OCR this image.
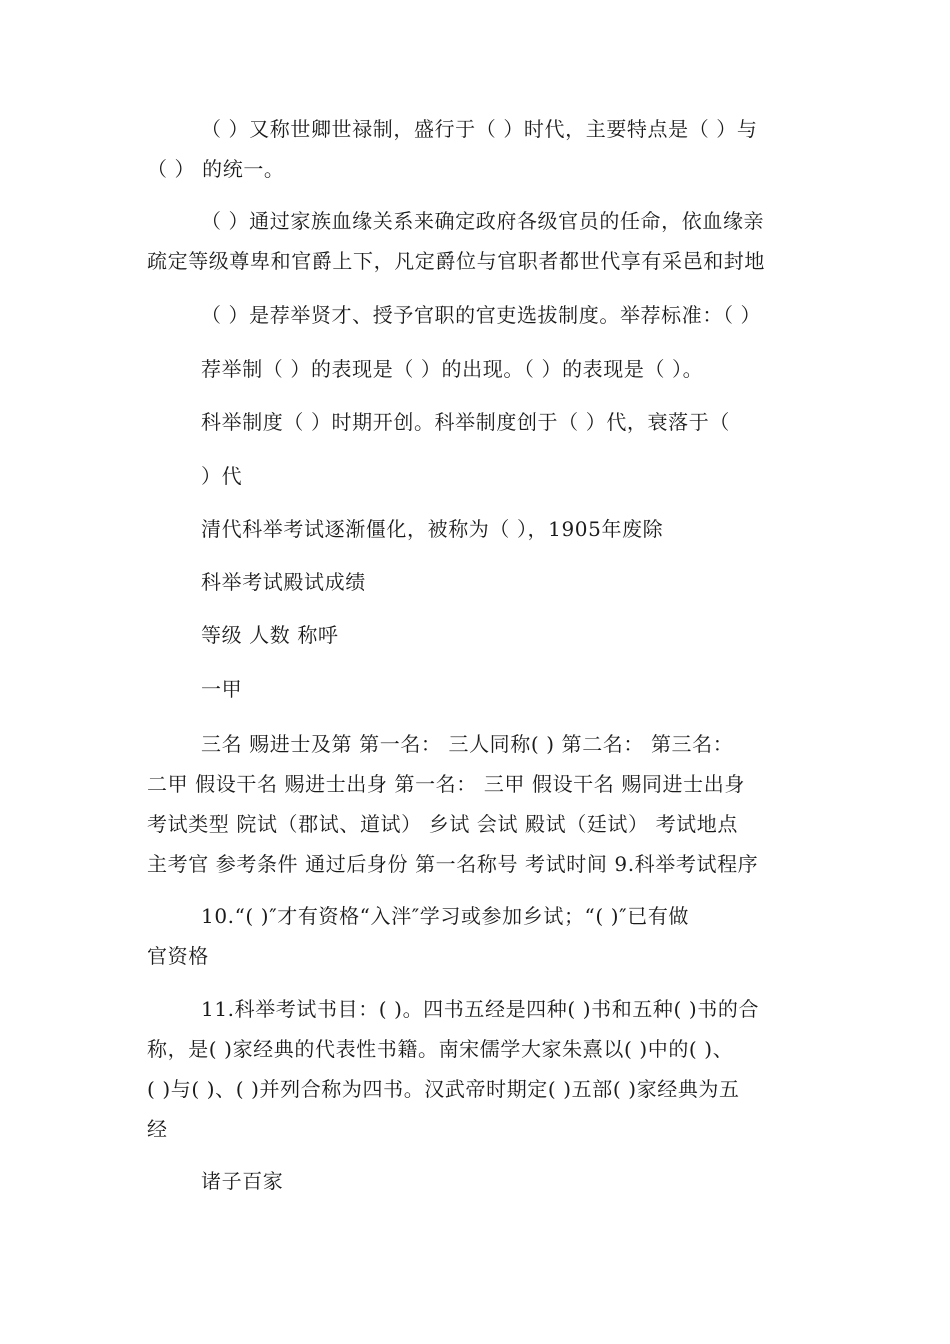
（ ）又称世卿世禄制，盛行于（ ）时代，主要特点是（ ）与

（ ） 的统一。

（ ）通过家族血缘关系来确定政府各级官员的任命，依血缘亲

疏定等级尊卑和官爵上下，凡定爵位与官职者都世代享有采邑和封地

（ ）是荐举贤才、授予官职的官吏选拔制度。举荐标准：（ ）

荐举制（ ）的表现是（ ）的出现。（ ）的表现是（ ）。

科举制度（ ）时期开创。科举制度创于（ ）代，衰落于（

）代

清代科举考试逐渐僵化，被称为（ ），1905年废除

科举考试殿试成绩

等级 人数 称呼

一甲

三名 赐进士及第 第一名： 三人同称( ) 第二名： 第三名：

二甲 假设干名 赐进士出身 第一名： 三甲 假设干名 赐同进士出身

考试类型 院试（郡试、道试） 乡试 会试 殿试（廷试） 考试地点

主考官 参考条件 通过后身份 第一名称号 考试时间 9.科举考试程序

10.“( )″才有资格“入泮″学习或参加乡试；“( )″已有做

官资格

11.科举考试书目：( )。四书五经是四种( )书和五种( )书的合

称，是( )家经典的代表性书籍。南宋儒学大家朱熹以( )中的( )、

( )与( )、( )并列合称为四书。汉武帝时期定( )五部( )家经典为五

经

诸子百家
